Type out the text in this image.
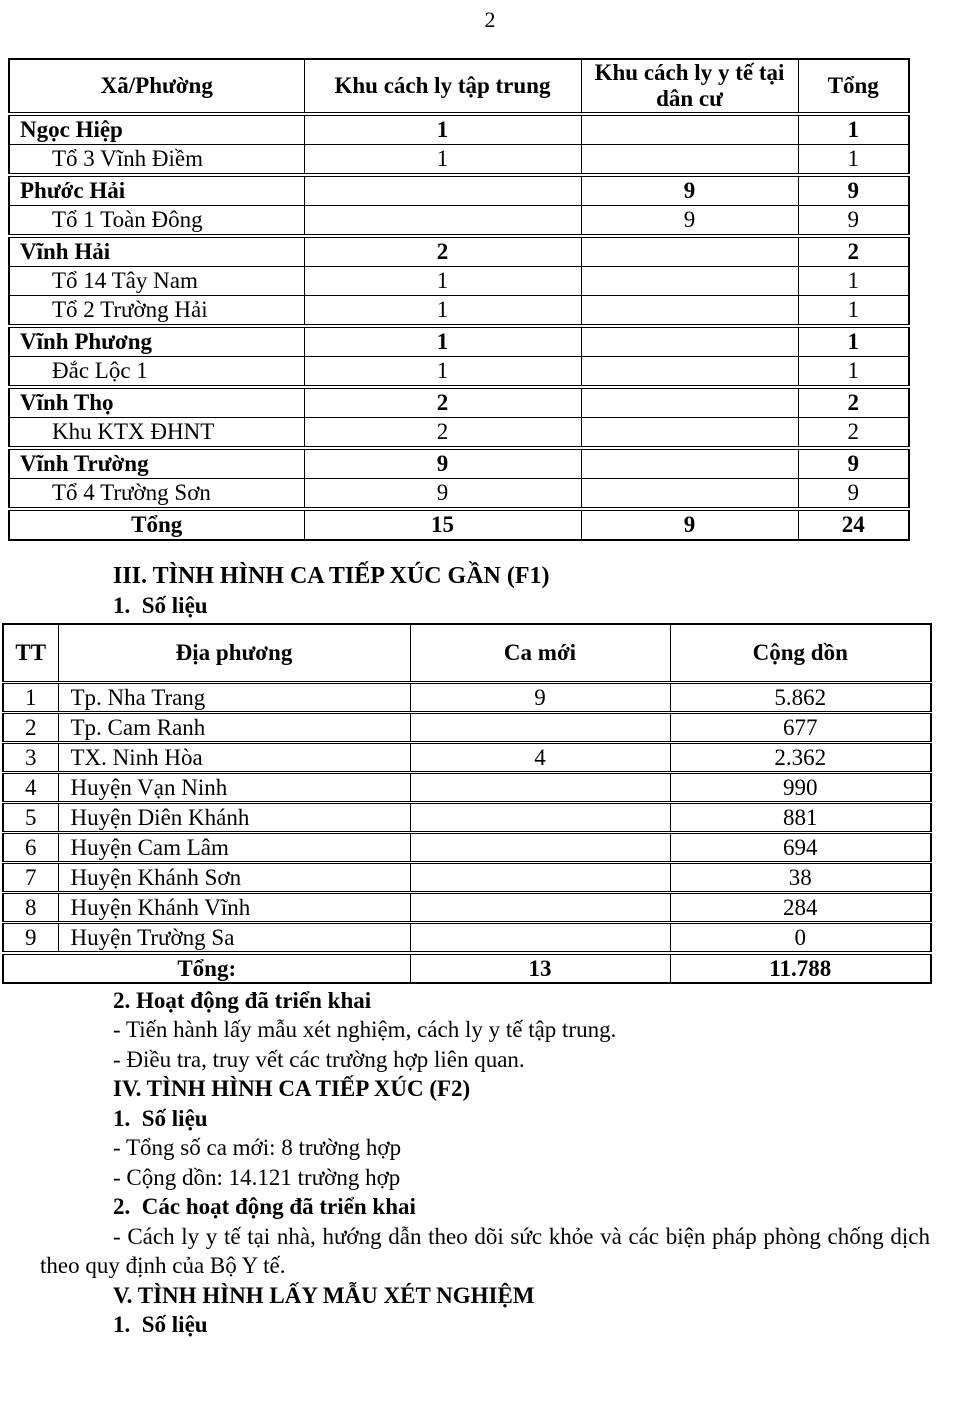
2
Xã/Phường	Khu cách ly tập trung	Khu cách ly y tế tại dân cư	Tổng
Ngọc Hiệp	1		1
Tổ 3 Vĩnh Điềm	1		1
Phước Hải		9	9
Tổ 1 Toàn Đông		9	9
Vĩnh Hải	2		2
Tổ 14 Tây Nam	1		1
Tổ 2 Trường Hải	1		1
Vĩnh Phương	1		1
Đắc Lộc 1	1		1
Vĩnh Thọ	2		2
Khu KTX ĐHNT	2		2
Vĩnh Trường	9		9
Tổ 4 Trường Sơn	9		9
Tổng	15	9	24
III. TÌNH HÌNH CA TIẾP XÚC GẦN (F1)
1.  Số liệu
TT	Địa phương	Ca mới	Cộng dồn
1	Tp. Nha Trang	9	5.862
2	Tp. Cam Ranh		677
3	TX. Ninh Hòa	4	2.362
4	Huyện Vạn Ninh		990
5	Huyện Diên Khánh		881
6	Huyện Cam Lâm		694
7	Huyện Khánh Sơn		38
8	Huyện Khánh Vĩnh		284
9	Huyện Trường Sa		0
Tổng:		13	11.788

2. Hoạt động đã triển khai

- Tiến hành lấy mẫu xét nghiệm, cách ly y tế tập trung.

- Điều tra, truy vết các trường hợp liên quan.

IV. TÌNH HÌNH CA TIẾP XÚC (F2)

1.  Số liệu

- Tổng số ca mới: 8 trường hợp

- Cộng dồn: 14.121 trường hợp

2.  Các hoạt động đã triển khai

- Cách ly y tế tại nhà, hướng dẫn theo dõi sức khỏe và các biện pháp phòng chống dịch theo quy định của Bộ Y tế.

V. TÌNH HÌNH LẤY MẪU XÉT NGHIỆM

1.  Số liệu
